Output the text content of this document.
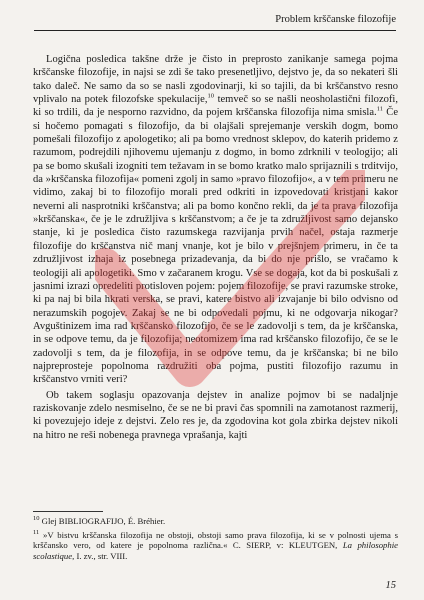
Problem krščanske filozofije

Logična posledica takšne drže je čisto in preprosto zanikanje samega pojma krščanske filozofije, in najsi se zdi še tako presenetljivo, dejstvo je, da so nekateri šli tako daleč. Ne samo da so se nasli zgodovinarji, ki so tajili, da bi krščanstvo resno vplivalo na potek filozofske spekulacije,$^{10}$ temveč so se našli neosholastični filozofi, ki so trdili, da je nesporno razvidno, da pojem krščanska filozofija nima smisla.$^{11}$ Če si hočemo pomagati s filozofijo, da bi olajšali sprejemanje verskih dogm, bomo pomešali filozofijo z apologetiko; ali pa bomo vrednost sklepov, do katerih pridemo z razumom, podrejdili njihovemu ujemanju z dogmo, in bomo zdrknili v teologijo; ali pa se bomo skušali izogniti tem težavam in se bomo kratko malo sprijaznili s trditvijo, da »krščanska filozofija« pomeni zgolj in samo »pravo filozofijo«, a v tem primeru ne vidimo, zakaj bi to filozofijo morali pred odkriti in izpovedovati kristjani kakor neverni ali nasprotniki krščanstva; ali pa bomo končno rekli, da je ta prava filozofija »krščanska«, če je le združljiva s krščanstvom; a če je ta združljivost samo dejansko stanje, ki je posledica čisto razumskega razvijanja prvih načel, ostaja razmerje filozofije do krščanstva nič manj vnanje, kot je bilo v prejšnjem primeru, in če ta združljivost izhaja iz posebnega prizadevanja, da bi do nje prišlo, se vračamo k teologiji ali apologetiki. Smo v začaranem krogu. Vse se dogaja, kot da bi poskušali z jasnimi izrazi opredeliti protisloven pojem: pojem filozofije, se pravi razumske stroke, ki pa naj bi bila hkrati verska, se pravi, katere bistvo ali izvajanje bi bilo odvisno od nerazumskih pogojev. Zakaj se ne bi odpovedali pojmu, ki ne odgovarja nikogar? Avguštinizem ima rad krščansko filozofijo, če se le zadovolji s tem, da je krščanska, in se odpove temu, da je filozofija; neotomizem ima rad krščansko filozofijo, če se le zadovolji s tem, da je filozofija, in se odpove temu, da je krščanska; bi ne bilo najpreprosteje popolnoma razdružiti oba pojma, pustiti filozofijo razumu in krščanstvo vrniti veri?

Ob takem soglasju opazovanja dejstev in analize pojmov bi se nadaljnje raziskovanje zdelo nesmiselno, če se ne bi pravi čas spomnili na zamotanost razmerij, ki povezujejo ideje z dejstvi. Zelo res je, da zgodovina kot gola zbirka dejstev nikoli na hitro ne reši nobenega pravnega vprašanja, kajti

$^{10}$ Glej BIBLIOGRAFIJO, É. Bréhier.

$^{11}$ »V bistvu krščanska filozofija ne obstoji, obstoji samo prava filozofija, ki se v polnosti ujema s krščansko vero, od katere je popolnoma različna.« C. SIERP, v: KLEUTGEN, La philosophie scolastique, I. zv., str. VIII.

15
